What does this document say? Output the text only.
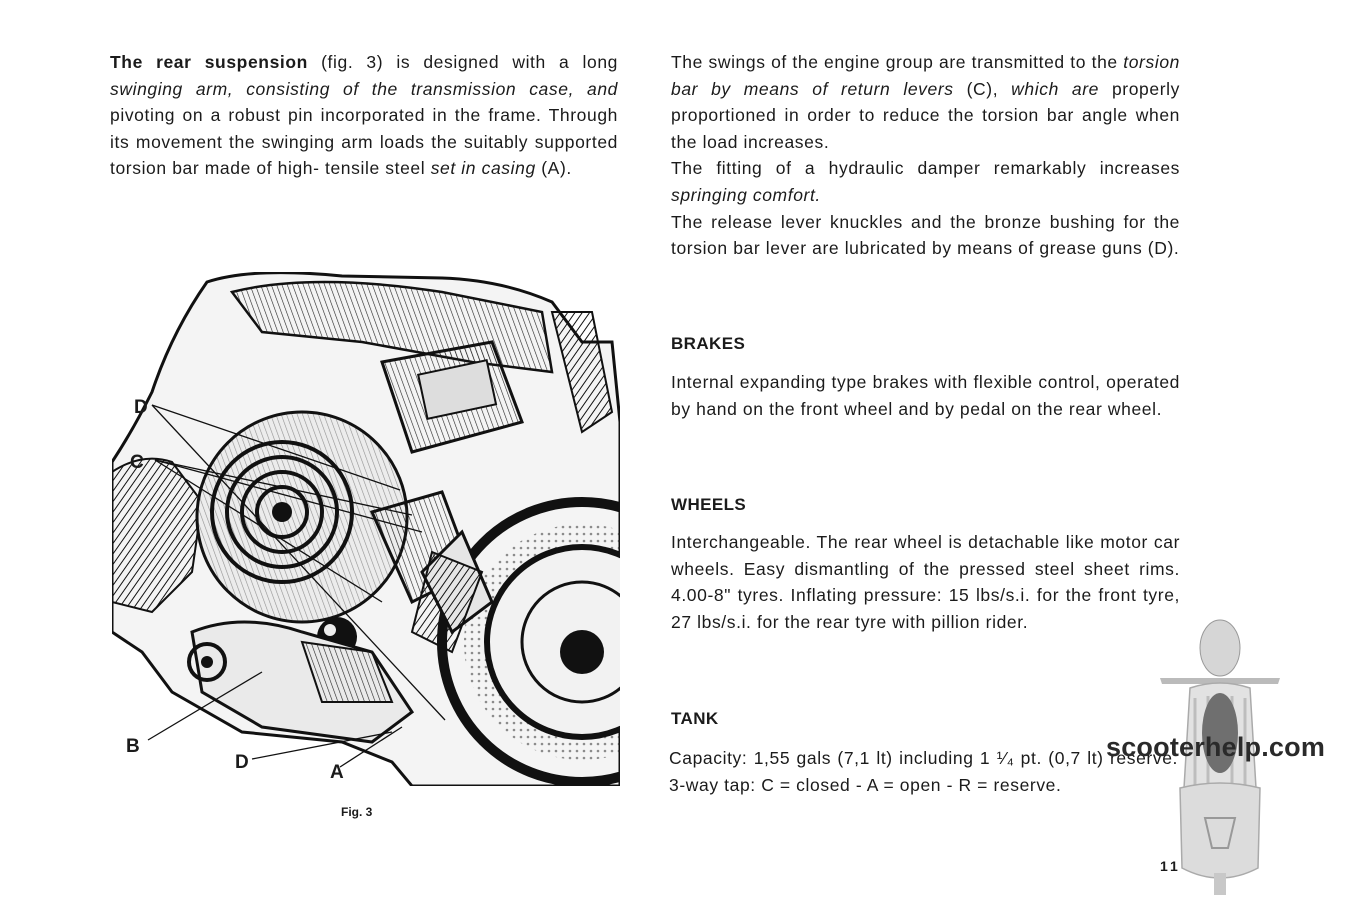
The rear suspension (fig. 3) is designed with a long swinging arm, consisting of the transmission case, and pivoting on a robust pin incorporated in the frame. Through its movement the swinging arm loads the suitably supported torsion bar made of high- tensile steel set in casing (A).

D
C
B
D	A
Fig. 3

The swings of the engine group are transmitted to the torsion bar by means of return levers (C), which are properly proportioned in order to reduce the torsion bar angle when the load increases.

The fitting of a hydraulic damper remarkably increases springing comfort.

The release lever knuckles and the bronze bushing for the torsion bar lever are lubricated by means of grease guns (D).

BRAKES
Internal expanding type brakes with flexible control, operated by hand on the front wheel and by pedal on the rear wheel.
WHEELS
Interchangeable. The rear wheel is detachable like motor car wheels. Easy dismantling of the pressed steel sheet rims. 4.00-8" tyres. Inflating pressure: 15 lbs/s.i. for the front tyre, 27 lbs/s.i. for the rear tyre with pillion rider.
TANK
Capacity: 1,55 gals (7,1 lt) including 1 ¹⁄₄ pt. (0,7 lt) reserve. 3-way tap: C = closed - A = open - R = reserve.
scooterhelp.com
11
